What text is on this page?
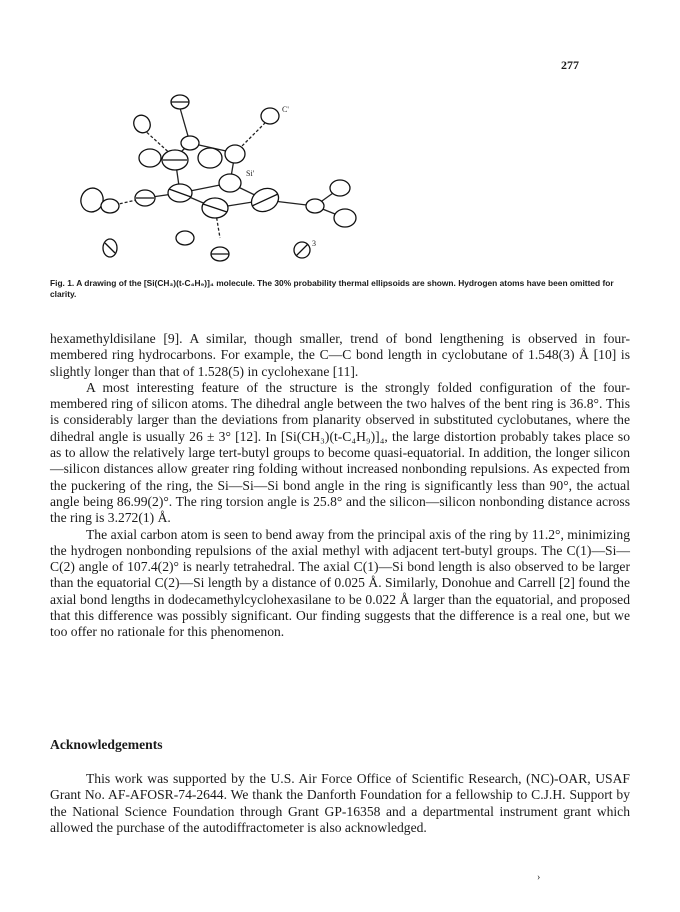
277
C'
Si'
3
Fig. 1. A drawing of the [Si(CH₃)(t-C₄H₉)]₄ molecule. The 30% probability thermal ellipsoids are shown. Hydrogen atoms have been omitted for clarity.

hexamethyldisilane [9]. A similar, though smaller, trend of bond lengthening is observed in four-membered ring hydrocarbons. For example, the C—C bond length in cyclobutane of 1.548(3) Å [10] is slightly longer than that of 1.528(5) in cyclohexane [11].

A most interesting feature of the structure is the strongly folded configuration of the four-membered ring of silicon atoms. The dihedral angle between the two halves of the bent ring is 36.8°. This is considerably larger than the deviations from planarity observed in substituted cyclobutanes, where the dihedral angle is usually 26 ± 3° [12]. In [Si(CH₃)(t-C₄H₉)]₄, the large distortion probably takes place so as to allow the relatively large tert-butyl groups to become quasi-equatorial. In addition, the longer silicon—silicon distances allow greater ring folding without increased nonbonding repulsions. As expected from the puckering of the ring, the Si—Si—Si bond angle in the ring is significantly less than 90°, the actual angle being 86.99(2)°. The ring torsion angle is 25.8° and the silicon—silicon nonbonding distance across the ring is 3.272(1) Å.

The axial carbon atom is seen to bend away from the principal axis of the ring by 11.2°, minimizing the hydrogen nonbonding repulsions of the axial methyl with adjacent tert-butyl groups. The C(1)—Si—C(2) angle of 107.4(2)° is nearly tetrahedral. The axial C(1)—Si bond length is also observed to be larger than the equatorial C(2)—Si length by a distance of 0.025 Å. Similarly, Donohue and Carrell [2] found the axial bond lengths in dodecamethylcyclohexasilane to be 0.022 Å larger than the equatorial, and proposed that this difference was possibly significant. Our finding suggests that the difference is a real one, but we too offer no rationale for this phenomenon.

Acknowledgements
This work was supported by the U.S. Air Force Office of Scientific Research, (NC)-OAR, USAF Grant No. AF-AFOSR-74-2644. We thank the Danforth Foundation for a fellowship to C.J.H. Support by the National Science Foundation through Grant GP-16358 and a departmental instrument grant which allowed the purchase of the autodiffractometer is also acknowledged.
›
